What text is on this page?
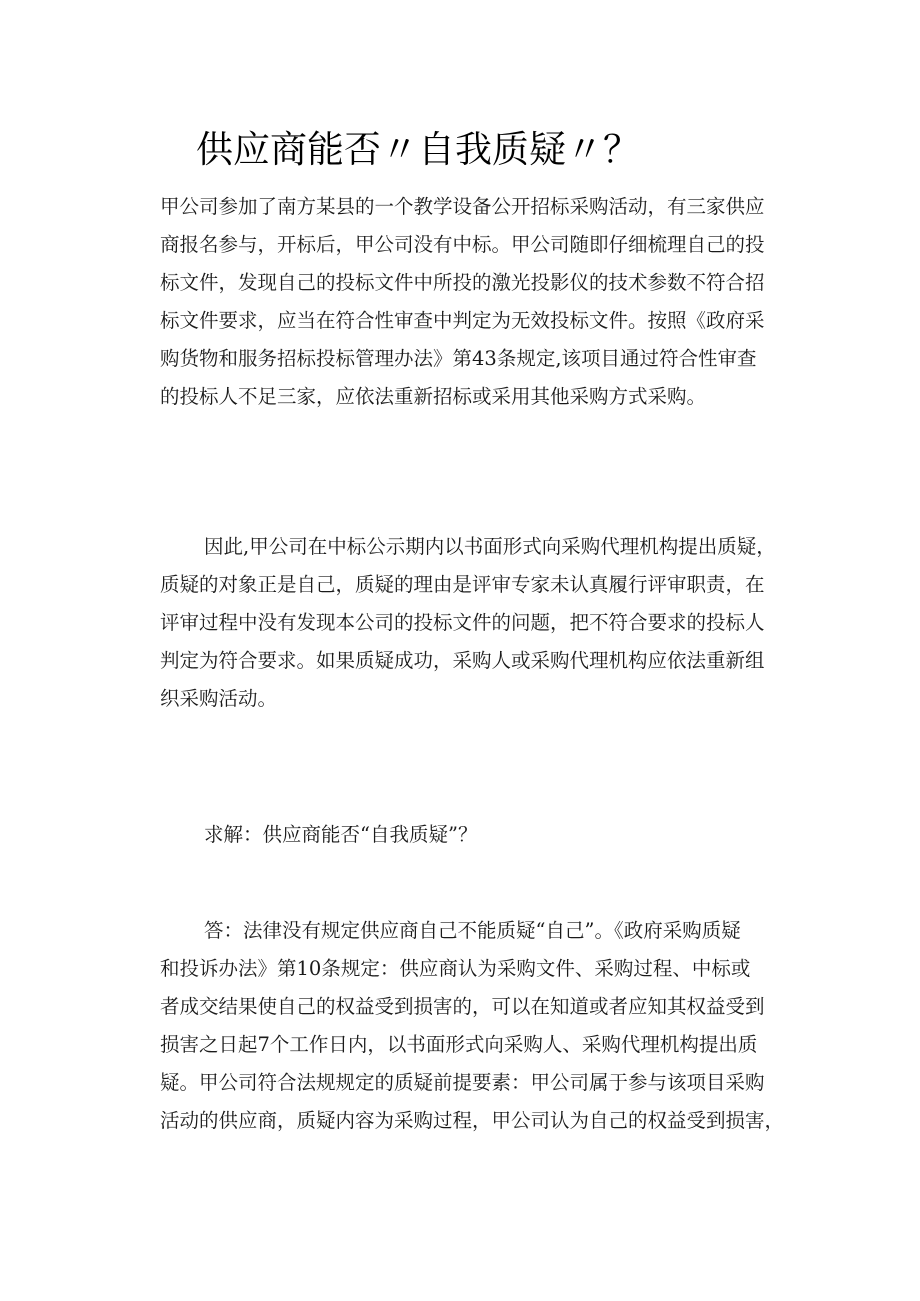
供应商能否〃自我质疑〃？
甲公司参加了南方某县的一个教学设备公开招标采购活动，有三家供应
商报名参与，开标后，甲公司没有中标。甲公司随即仔细梳理自己的投
标文件，发现自己的投标文件中所投的激光投影仪的技术参数不符合招
标文件要求，应当在符合性审查中判定为无效投标文件。按照《政府采
购货物和服务招标投标管理办法》第43条规定,该项目通过符合性审查
的投标人不足三家，应依法重新招标或采用其他采购方式采购。
因此,甲公司在中标公示期内以书面形式向采购代理机构提出质疑，
质疑的对象正是自己，质疑的理由是评审专家未认真履行评审职责，在
评审过程中没有发现本公司的投标文件的问题，把不符合要求的投标人
判定为符合要求。如果质疑成功，采购人或采购代理机构应依法重新组
织采购活动。
求解：供应商能否“自我质疑”？
答：法律没有规定供应商自己不能质疑“自己”。《政府采购质疑
和投诉办法》第10条规定：供应商认为采购文件、采购过程、中标或
者成交结果使自己的权益受到损害的，可以在知道或者应知其权益受到
损害之日起7个工作日内，以书面形式向采购人、采购代理机构提出质
疑。甲公司符合法规规定的质疑前提要素：甲公司属于参与该项目采购
活动的供应商，质疑内容为采购过程，甲公司认为自己的权益受到损害，
